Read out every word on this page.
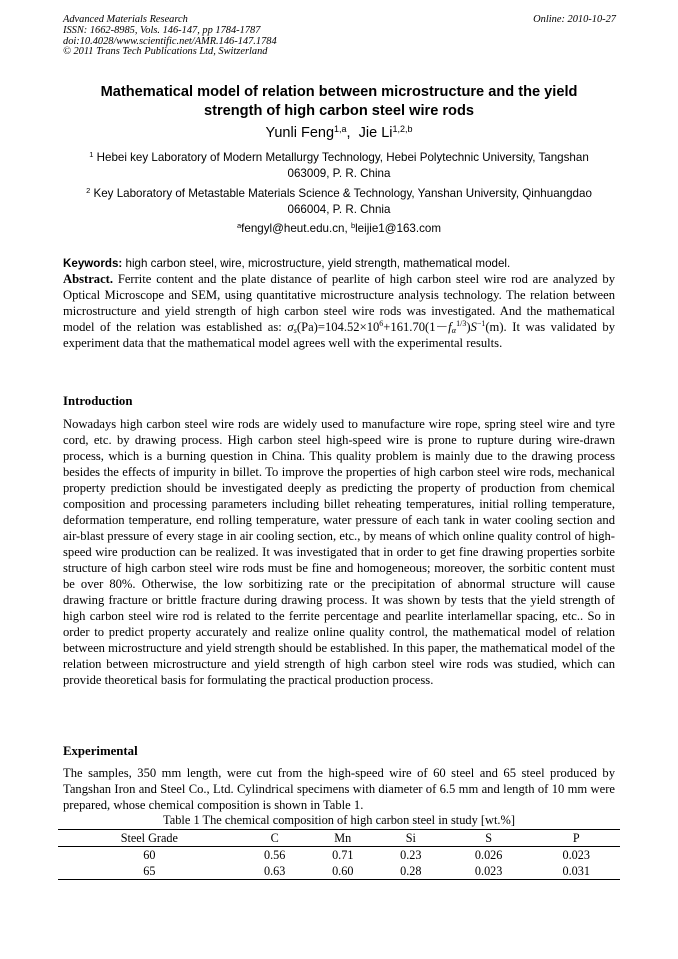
Advanced Materials Research
ISSN: 1662-8985, Vols. 146-147, pp 1784-1787
doi:10.4028/www.scientific.net/AMR.146-147.1784
© 2011 Trans Tech Publications Ltd, Switzerland
Online: 2010-10-27
Mathematical model of relation between microstructure and the yield
strength of high carbon steel wire rods
Yunli Feng$^{1,a}$,  Jie Li$^{1,2,b}$
$^1$ Hebei key Laboratory of Modern Metallurgy Technology, Hebei Polytechnic University, Tangshan
063009, P. R. China
$^2$ Key Laboratory of Metastable Materials Science & Technology, Yanshan University, Qinhuangdao
066004, P. R. Chnia
$^a$fengyl@heut.edu.cn, $^b$leijie1@163.com
Keywords: high carbon steel, wire, microstructure, yield strength, mathematical model.
Abstract. Ferrite content and the plate distance of pearlite of high carbon steel wire rod are analyzed by Optical Microscope and SEM, using quantitative microstructure analysis technology. The relation between microstructure and yield strength of high carbon steel wire rods was investigated. And the mathematical model of the relation was established as: $\sigma_s(Pa)=104.52\times 10^6+161.70(1-f_\alpha^{1/3})S^{-1}(m)$. It was validated by experiment data that the mathematical model agrees well with the experimental results.
Introduction
Nowadays high carbon steel wire rods are widely used to manufacture wire rope, spring steel wire and tyre cord, etc. by drawing process. High carbon steel high-speed wire is prone to rupture during wire-drawn process, which is a burning question in China. This quality problem is mainly due to the drawing process besides the effects of impurity in billet. To improve the properties of high carbon steel wire rods, mechanical property prediction should be investigated deeply as predicting the property of production from chemical composition and processing parameters including billet reheating temperatures, initial rolling temperature, deformation temperature, end rolling temperature, water pressure of each tank in water cooling section and air-blast pressure of every stage in air cooling section, etc., by means of which online quality control of high-speed wire production can be realized. It was investigated that in order to get fine drawing properties sorbite structure of high carbon steel wire rods must be fine and homogeneous; moreover, the sorbitic content must be over 80%. Otherwise, the low sorbitizing rate or the precipitation of abnormal structure will cause drawing fracture or brittle fracture during drawing process. It was shown by tests that the yield strength of high carbon steel wire rod is related to the ferrite percentage and pearlite interlamellar spacing, etc.. So in order to predict property accurately and realize online quality control, the mathematical model of relation between microstructure and yield strength should be established. In this paper, the mathematical model of the relation between microstructure and yield strength of high carbon steel wire rods was studied, which can provide theoretical basis for formulating the practical production process.
Experimental
The samples, 350 mm length, were cut from the high-speed wire of 60 steel and 65 steel produced by Tangshan Iron and Steel Co., Ltd. Cylindrical specimens with diameter of 6.5 mm and length of 10 mm were prepared, whose chemical composition is shown in Table 1.
Table 1 The chemical composition of high carbon steel in study [wt.%]
Steel Grade	C	Mn	Si	S	P
60	0.56	0.71	0.23	0.026	0.023
65	0.63	0.60	0.28	0.023	0.031
